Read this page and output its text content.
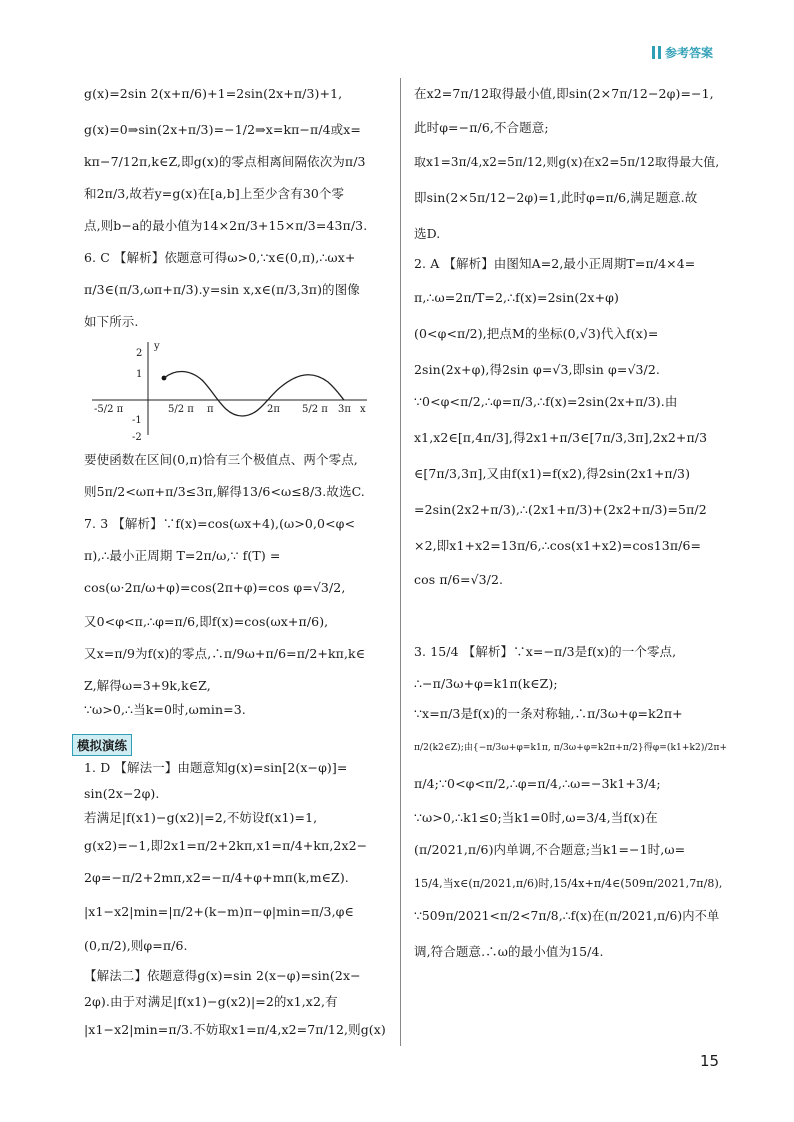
参考答案
g(x)=2sin 2(x+π/6)+1=2sin(2x+π/3)+1,
g(x)=0⇒sin(2x+π/3)=−1/2⇒x=kπ−π/4或x=
kπ−7/12π,k∈Z,即g(x)的零点相离间隔依次为π/3
和2π/3,故若y=g(x)在[a,b]上至少含有30个零
点,则b−a的最小值为14×2π/3+15×π/3=43π/3.
6. C 【解析】依题意可得ω>0,∵x∈(0,π),∴ωx+
π/3∈(π/3,ωπ+π/3).y=sin x,x∈(π/3,3π)的图像
如下所示.
要使函数在区间(0,π)恰有三个极值点、两个零点,
则5π/2<ωπ+π/3≤3π,解得13/6<ω≤8/3.故选C.
7. 3 【解析】∵f(x)=cos(ωx+4),(ω>0,0<φ<
π),∴最小正周期 T=2π/ω,∵ f(T) =
cos(ω·2π/ω+φ)=cos(2π+φ)=cos φ=√3/2,
又0<φ<π,∴φ=π/6,即f(x)=cos(ωx+π/6),
又x=π/9为f(x)的零点,∴π/9ω+π/6=π/2+kπ,k∈
Z,解得ω=3+9k,k∈Z,
∵ω>0,∴当k=0时,ωmin=3.
1. D 【解法一】由题意知g(x)=sin[2(x−φ)]=
sin(2x−2φ).
若满足|f(x1)−g(x2)|=2,不妨设f(x1)=1,
g(x2)=−1,即2x1=π/2+2kπ,x1=π/4+kπ,2x2−
2φ=−π/2+2mπ,x2=−π/4+φ+mπ(k,m∈Z).
|x1−x2|min=|π/2+(k−m)π−φ|min=π/3,φ∈
(0,π/2),则φ=π/6.
【解法二】依题意得g(x)=sin 2(x−φ)=sin(2x−
2φ).由于对满足|f(x1)−g(x2)|=2的x1,x2,有
|x1−x2|min=π/3.不妨取x1=π/4,x2=7π/12,则g(x)
在x2=7π/12取得最小值,即sin(2×7π/12−2φ)=−1,
此时φ=−π/6,不合题意;
取x1=3π/4,x2=5π/12,则g(x)在x2=5π/12取得最大值,
即sin(2×5π/12−2φ)=1,此时φ=π/6,满足题意.故
选D.
2. A 【解析】由图知A=2,最小正周期T=π/4×4=
π,∴ω=2π/T=2,∴f(x)=2sin(2x+φ)
(0<φ<π/2),把点M的坐标(0,√3)代入f(x)=
2sin(2x+φ),得2sin φ=√3,即sin φ=√3/2.
∵0<φ<π/2,∴φ=π/3,∴f(x)=2sin(2x+π/3).由
x1,x2∈[π,4π/3],得2x1+π/3∈[7π/3,3π],2x2+π/3
∈[7π/3,3π],又由f(x1)=f(x2),得2sin(2x1+π/3)
=2sin(2x2+π/3),∴(2x1+π/3)+(2x2+π/3)=5π/2
×2,即x1+x2=13π/6,∴cos(x1+x2)=cos13π/6=
cos π/6=√3/2.
3. 15/4 【解析】∵x=−π/3是f(x)的一个零点,
∴−π/3ω+φ=k1π(k∈Z);
∵x=π/3是f(x)的一条对称轴,∴π/3ω+φ=k2π+
π/2(k2∈Z);由{−π/3ω+φ=k1π, π/3ω+φ=k2π+π/2}得φ=(k1+k2)/2π+
π/4;∵0<φ<π/2,∴φ=π/4,∴ω=−3k1+3/4;
∵ω>0,∴k1≤0;当k1=0时,ω=3/4,当f(x)在
(π/2021,π/6)内单调,不合题意;当k1=−1时,ω=
15/4,当x∈(π/2021,π/6)时,15/4x+π/4∈(509π/2021,7π/8),
∵509π/2021<π/2<7π/8,∴f(x)在(π/2021,π/6)内不单
调,符合题意.∴ω的最小值为15/4.
模拟演练
y
x
2
1
-1
-2
-5/2 π	5/2 π π	2π 5/2 π 3π
15
